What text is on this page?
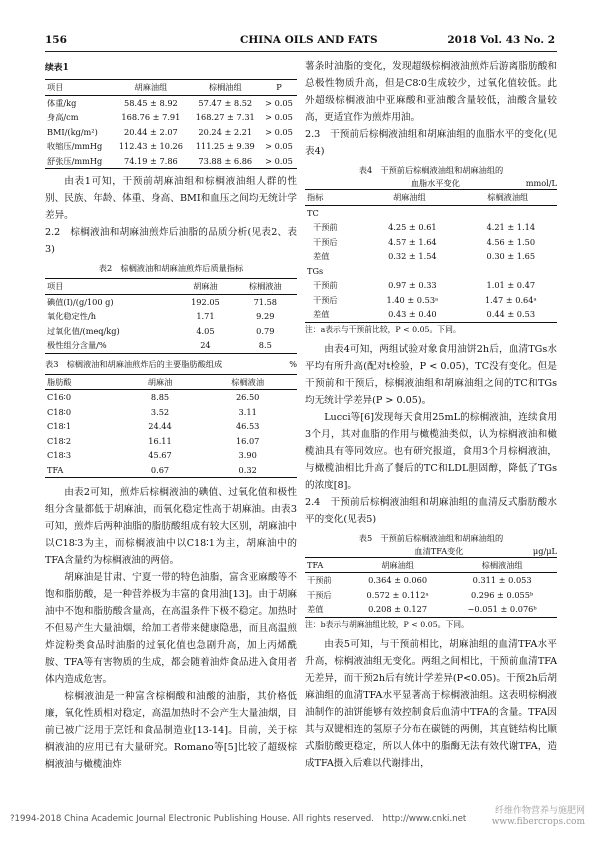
156	CHINA OILS AND FATS	2018 Vol. 43 No. 2
续表1
项目	胡麻油组	棕榈油组	P
体重/kg	58.45 ± 8.92	57.47 ± 8.52	> 0.05
身高/cm	168.76 ± 7.91	168.27 ± 7.31	> 0.05
BMI/(kg/m²)	20.44 ± 2.07	20.24 ± 2.21	> 0.05
收缩压/mmHg	112.43 ± 10.26	111.25 ± 9.39	> 0.05
舒张压/mmHg	74.19 ± 7.86	73.88 ± 6.86	> 0.05

由表1可知，干预前胡麻油组和棕榈液油组人群的性别、民族、年龄、体重、身高、BMI和血压之间均无统计学差异。

2.2　棕榈液油和胡麻油煎炸后油脂的品质分析(见表2、表3)

表2　棕榈液油和胡麻油煎炸后质量指标
项目	胡麻油	棕榈液油
碘值(I)/(g/100 g)	192.05	71.58
氧化稳定性/h	1.71	9.29
过氧化值/(meq/kg)	4.05	0.79
极性组分含量/%	24	8.5
表3　棕榈液油和胡麻油煎炸后的主要脂肪酸组成	%
脂肪酸	胡麻油	棕榈液油
C16∶0	8.85	26.50
C18∶0	3.52	3.11
C18∶1	24.44	46.53
C18∶2	16.11	16.07
C18∶3	45.67	3.90
TFA	0.67	0.32

由表2可知，煎炸后棕榈液油的碘值、过氧化值和极性组分含量都低于胡麻油，而氧化稳定性高于胡麻油。由表3可知，煎炸后两种油脂的脂肪酸组成有较大区别，胡麻油中以C18∶3为主，而棕榈液油中以C18∶1为主，胡麻油中的TFA含量约为棕榈液油的两倍。

胡麻油是甘肃、宁夏一带的特色油脂，富含亚麻酸等不饱和脂肪酸，是一种营养极为丰富的食用油[13]。由于胡麻油中不饱和脂肪酸含量高，在高温条件下极不稳定。加热时不但易产生大量油烟，给加工者带来健康隐患，而且高温煎炸淀粉类食品时油脂的过氧化值也急剧升高，加上丙烯酰胺、TFA等有害物质的生成，都会随着油炸食品进入食用者体内造成危害。

棕榈液油是一种富含棕榈酸和油酸的油脂，其价格低廉，氧化性质相对稳定，高温加热时不会产生大量油烟，目前已被广泛用于烹饪和食品制造业[13-14]。目前，关于棕榈液油的应用已有大量研究。Romano等[5]比较了超级棕榈液油与橄榄油炸

薯条时油脂的变化，发现超级棕榈液油煎炸后游离脂肪酸和总极性物质升高，但是C8∶0生成较少，过氧化值较低。此外超级棕榈液油中亚麻酸和亚油酸含量较低，油酸含量较高，更适宜作为煎炸用油。

2.3　干预前后棕榈液油组和胡麻油组的血脂水平的变化(见表4)

表4　干预前后棕榈液油组和胡麻油组的
血脂水平变化	mmol/L
指标	胡麻油组	棕榈液油组
TC		
干预前	4.25 ± 0.61	4.21 ± 1.14
干预后	4.57 ± 1.64	4.56 ± 1.50
差值	0.32 ± 1.54	0.30 ± 1.65
TGs		
干预前	0.97 ± 0.33	1.01 ± 0.47
干预后	1.40 ± 0.53ᵃ	1.47 ± 0.64ᵃ
差值	0.43 ± 0.40	0.44 ± 0.53
注：a表示与干预前比较，P < 0.05。下同。

由表4可知，两组试验对象食用油饼2h后，血清TGs水平均有所升高(配对t检验，P < 0.05)，TC没有变化。但是干预前和干预后，棕榈液油组和胡麻油组之间的TC和TGs均无统计学差异(P > 0.05)。

Lucci等[6]发现每天食用25mL的棕榈液油，连续食用3个月，其对血脂的作用与橄榄油类似，认为棕榈液油和橄榄油具有等同效应。也有研究报道，食用3个月棕榈液油，与橄榄油相比升高了餐后的TC和LDL胆固醇，降低了TGs的浓度[8]。

2.4　干预前后棕榈液油组和胡麻油组的血清反式脂肪酸水平的变化(见表5)

表5　干预前后棕榈液油组和胡麻油组的
血清TFA变化	μg/μL
TFA	胡麻油组	棕榈液油组
干预前	0.364 ± 0.060	0.311 ± 0.053
干预后	0.572 ± 0.112ᵃ	0.296 ± 0.055ᵇ
差值	0.208 ± 0.127	−0.051 ± 0.076ᵇ
注：b表示与胡麻油组比较，P < 0.05。下同。

由表5可知，与干预前相比，胡麻油组的血清TFA水平升高，棕榈液油组无变化。两组之间相比，干预前血清TFA无差异，而干预2h后有统计学差异(P<0.05)。干预2h后胡麻油组的血清TFA水平显著高于棕榈液油组。这表明棕榈液油制作的油饼能够有效控制食后血清中TFA的含量。TFA因其与双键相连的氢原子分布在碳链的两侧，其直链结构比顺式脂肪酸更稳定，所以人体中的脂酶无法有效代谢TFA，造成TFA摄入后难以代谢排出，

?1994-2018 China Academic Journal Electronic Publishing House. All rights reserved.　http://www.cnki.net
纤维作物营养与施肥网
www.fibercrops.com
